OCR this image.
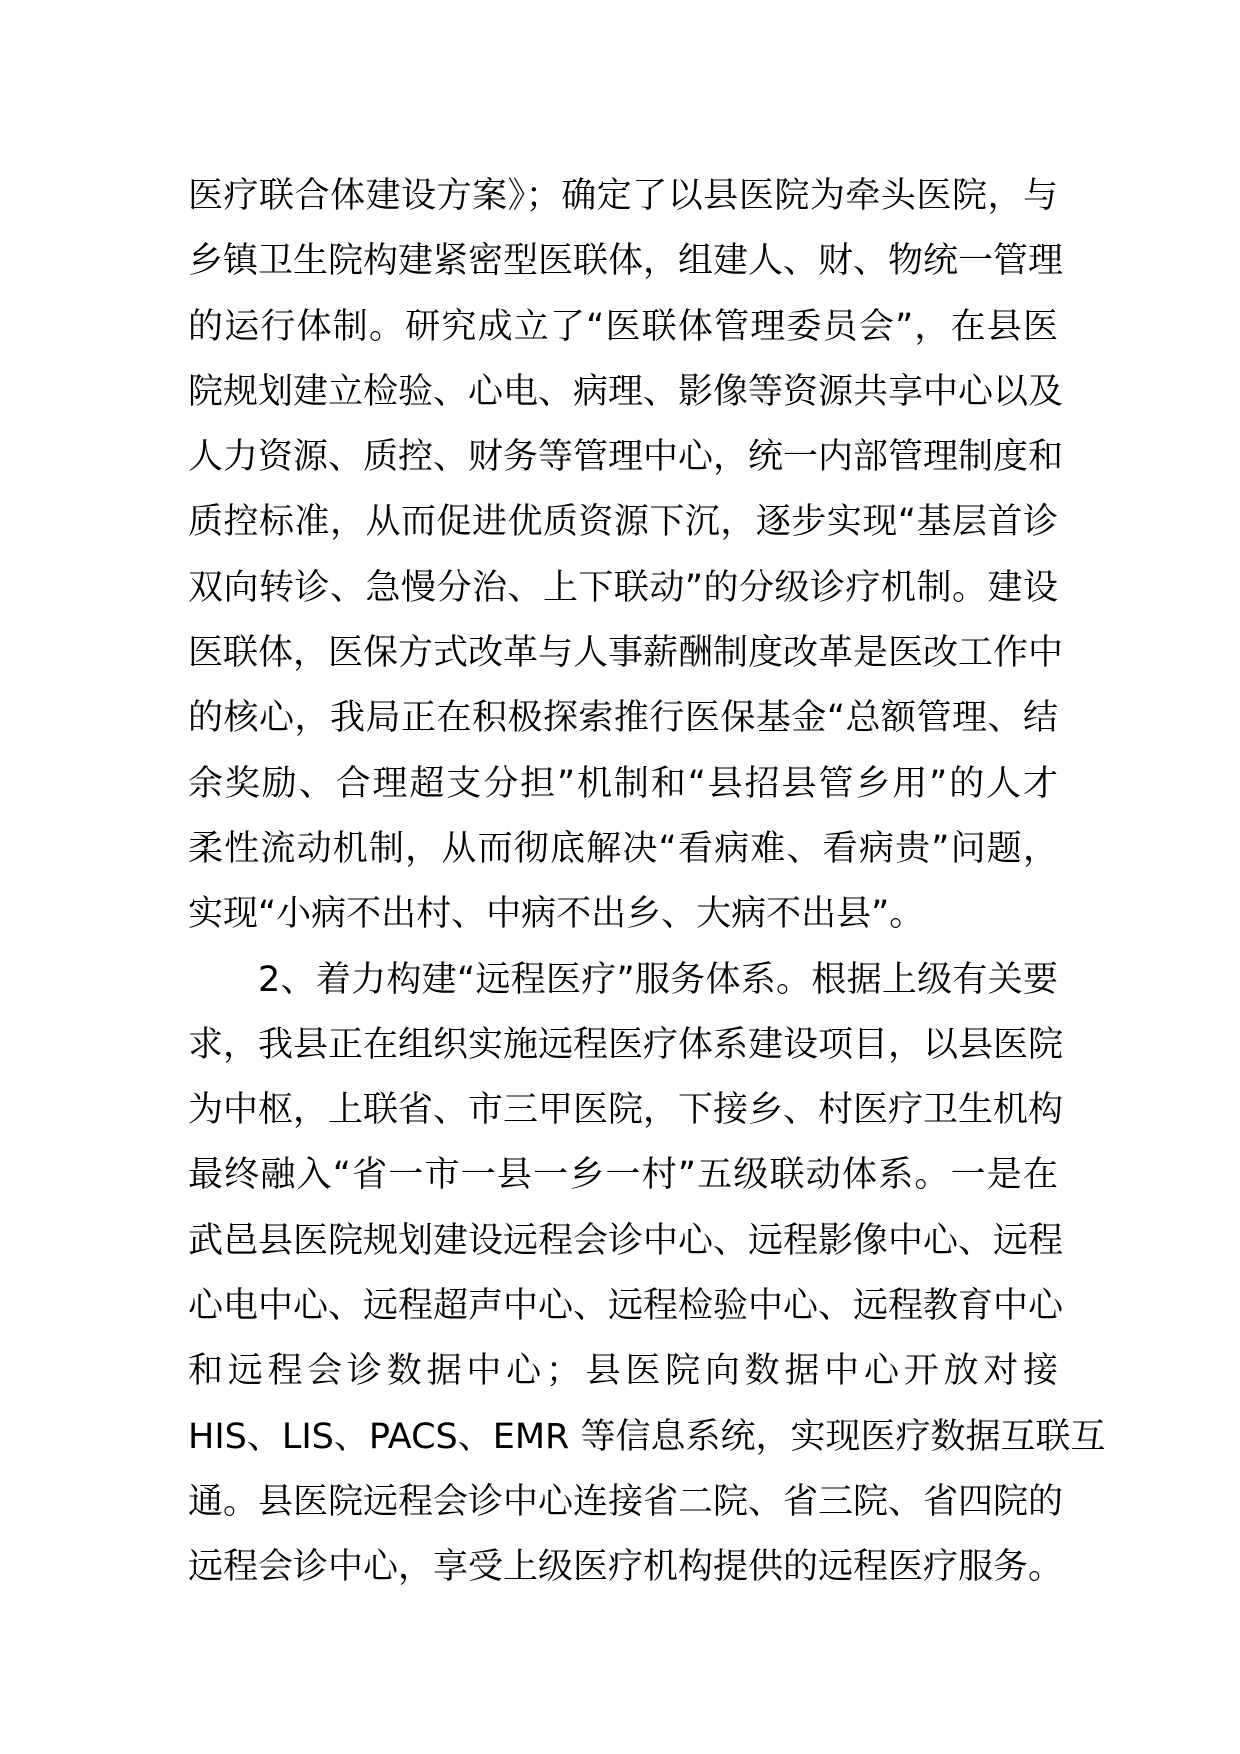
医疗联合体建设方案》；确定了以县医院为牵头医院，与
乡镇卫生院构建紧密型医联体，组建人、财、物统一管理
的运行体制。研究成立了“医联体管理委员会”，在县医
院规划建立检验、心电、病理、影像等资源共享中心以及
人力资源、质控、财务等管理中心，统一内部管理制度和
质控标准，从而促进优质资源下沉，逐步实现“基层首诊
双向转诊、急慢分治、上下联动”的分级诊疗机制。建设
医联体，医保方式改革与人事薪酬制度改革是医改工作中
的核心，我局正在积极探索推行医保基金“总额管理、结
余奖励、合理超支分担”机制和“县招县管乡用”的人才
柔性流动机制，从而彻底解决“看病难、看病贵”问题，
实现“小病不出村、中病不出乡、大病不出县”。
2、着力构建“远程医疗”服务体系。根据上级有关要
求，我县正在组织实施远程医疗体系建设项目，以县医院
为中枢，上联省、市三甲医院，下接乡、村医疗卫生机构
最终融入“省一市一县一乡一村”五级联动体系。一是在
武邑县医院规划建设远程会诊中心、远程影像中心、远程
心电中心、远程超声中心、远程检验中心、远程教育中心
和远程会诊数据中心；县医院向数据中心开放对接
HIS、LIS、PACS、EMR 等信息系统，实现医疗数据互联互
通。县医院远程会诊中心连接省二院、省三院、省四院的
远程会诊中心，享受上级医疗机构提供的远程医疗服务。
